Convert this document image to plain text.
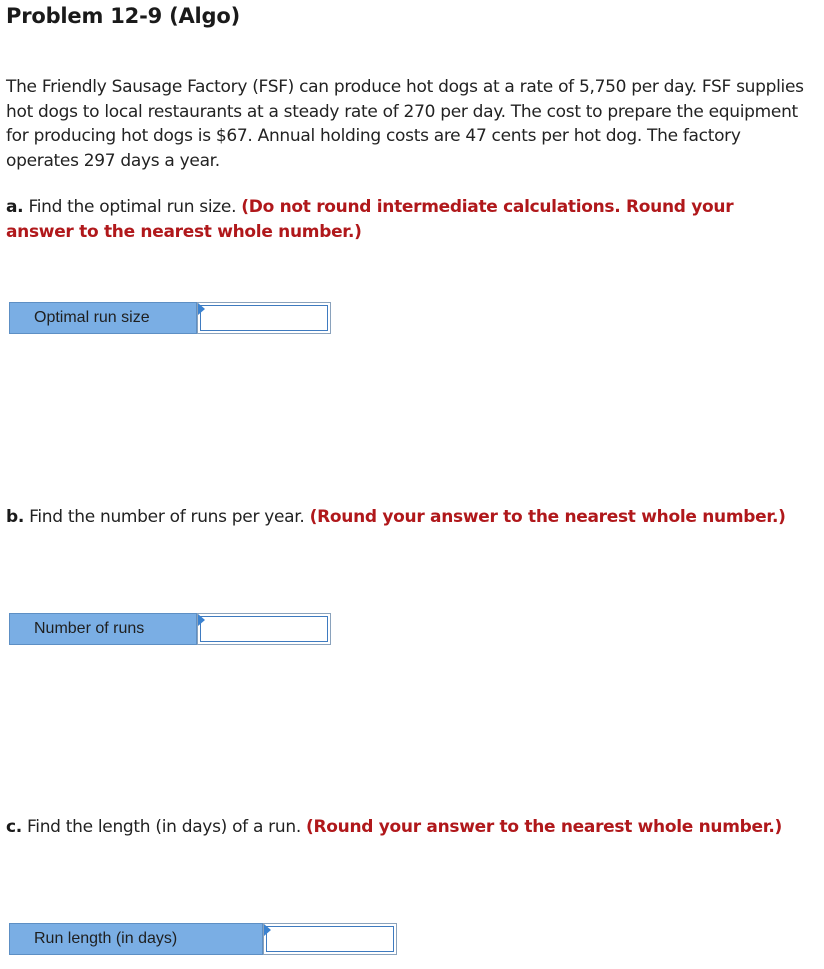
Problem 12-9 (Algo)
The Friendly Sausage Factory (FSF) can produce hot dogs at a rate of 5,750 per day. FSF supplies hot dogs to local restaurants at a steady rate of 270 per day. The cost to prepare the equipment for producing hot dogs is $67. Annual holding costs are 47 cents per hot dog. The factory operates 297 days a year.
a. Find the optimal run size. (Do not round intermediate calculations. Round your answer to the nearest whole number.)
Optimal run size
b. Find the number of runs per year. (Round your answer to the nearest whole number.)
Number of runs
c. Find the length (in days) of a run. (Round your answer to the nearest whole number.)
Run length (in days)
